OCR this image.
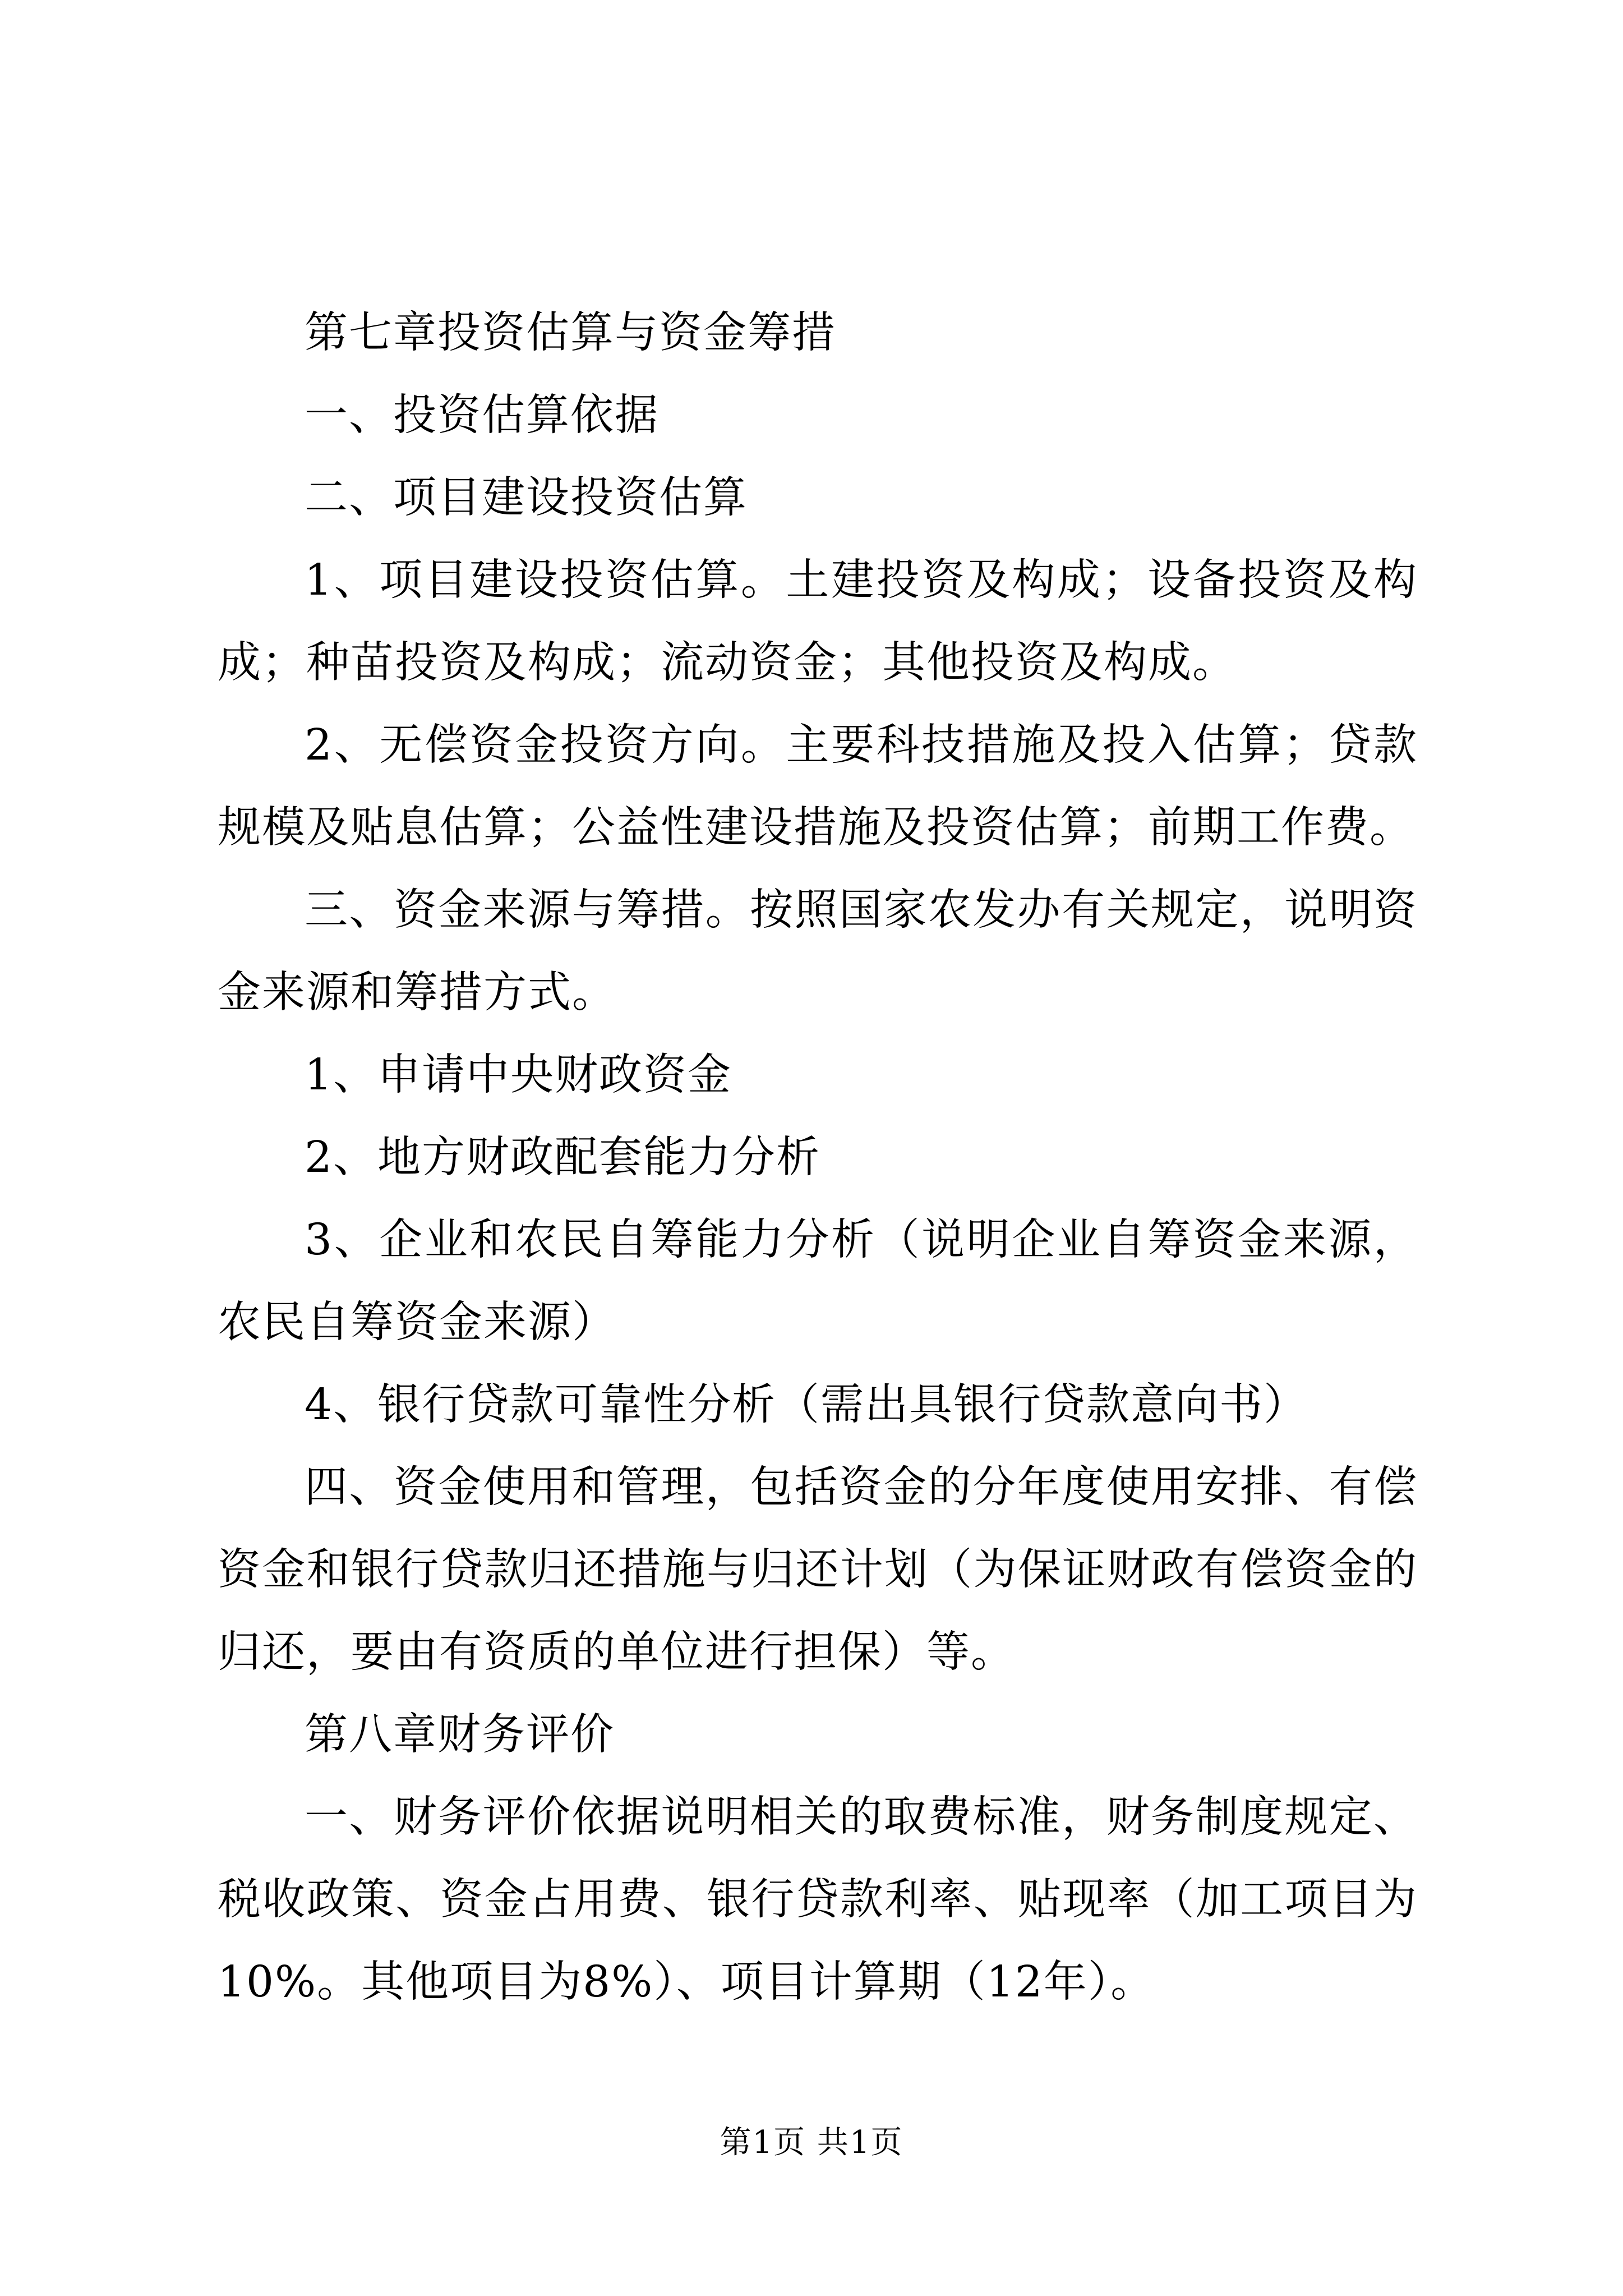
第七章投资估算与资金筹措

一、投资估算依据

二、项目建设投资估算

1、项目建设投资估算。土建投资及构成；设备投资及构成；种苗投资及构成；流动资金；其他投资及构成。

2、无偿资金投资方向。主要科技措施及投入估算；贷款规模及贴息估算；公益性建设措施及投资估算；前期工作费。

三、资金来源与筹措。按照国家农发办有关规定，说明资金来源和筹措方式。

1、申请中央财政资金

2、地方财政配套能力分析

3、企业和农民自筹能力分析（说明企业自筹资金来源，农民自筹资金来源）

4、银行贷款可靠性分析（需出具银行贷款意向书）

四、资金使用和管理，包括资金的分年度使用安排、有偿资金和银行贷款归还措施与归还计划（为保证财政有偿资金的归还，要由有资质的单位进行担保）等。

第八章财务评价

一、财务评价依据说明相关的取费标准，财务制度规定、税收政策、资金占用费、银行贷款利率、贴现率（加工项目为10%。其他项目为8%）、项目计算期（12年）。

第1页 共1页
